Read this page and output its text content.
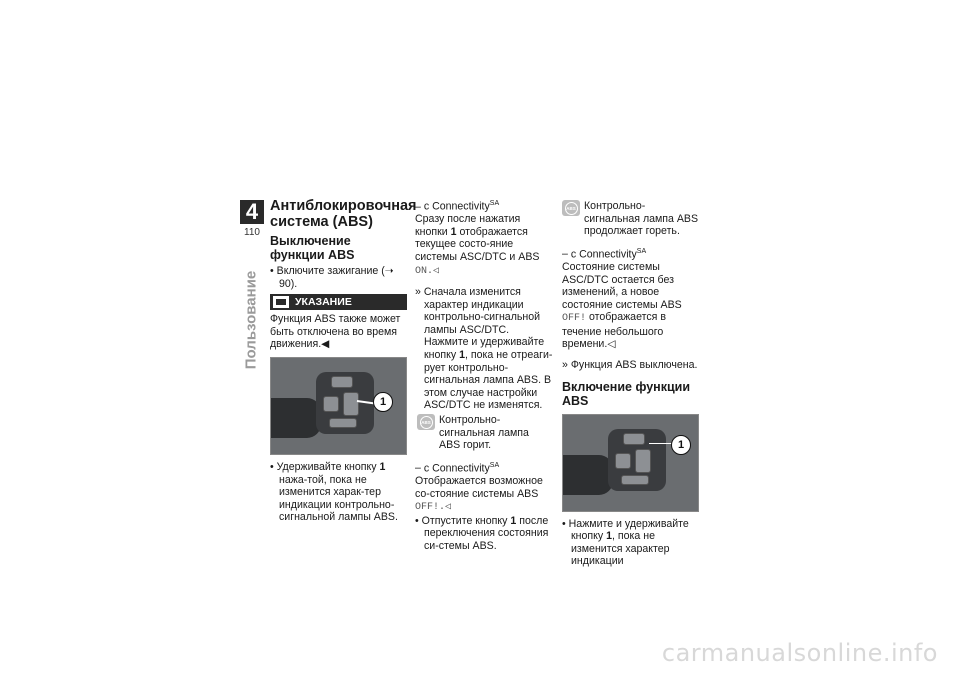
4
110
Пользование
Антиблокировочная система (ABS)
Выключение функции ABS

• Включите зажигание (➝ 90).

УКАЗАНИЕ

Функция ABS также может быть отключена во время движения.◀

1

• Удерживайте кнопку 1 нажа-той, пока не изменится харак-тер индикации контрольно-сигнальной лампы ABS.

– с Connectivity$^{SA}$

Сразу после нажатия кнопки 1 отображается текущее состо-яние системы ASC/DTC и ABS ON.◁

» Сначала изменится характер индикации контрольно-сигнальной лампы ASC/DTC. Нажмите и удерживайте кнопку 1, пока не отреаги-рует контрольно-сигнальная лампа ABS. В этом случае настройки ASC/DTC не изменятся.

ABS Контрольно-сигнальная лампа ABS горит.

– с Connectivity$^{SA}$

Отображается возможное со-стояние системы ABS OFF!.◁

• Отпустите кнопку 1 после переключения состояния си-стемы ABS.

ABS Контрольно-сигнальная лампа ABS продолжает гореть.

– с Connectivity$^{SA}$

Состояние системы ASC/DTC остается без изменений, а новое состояние системы ABS OFF! отображается в течение небольшого времени.◁

» Функция ABS выключена.

Включение функции ABS
1

• Нажмите и удерживайте кнопку 1, пока не изменится характер индикации

carmanualsonline.info
